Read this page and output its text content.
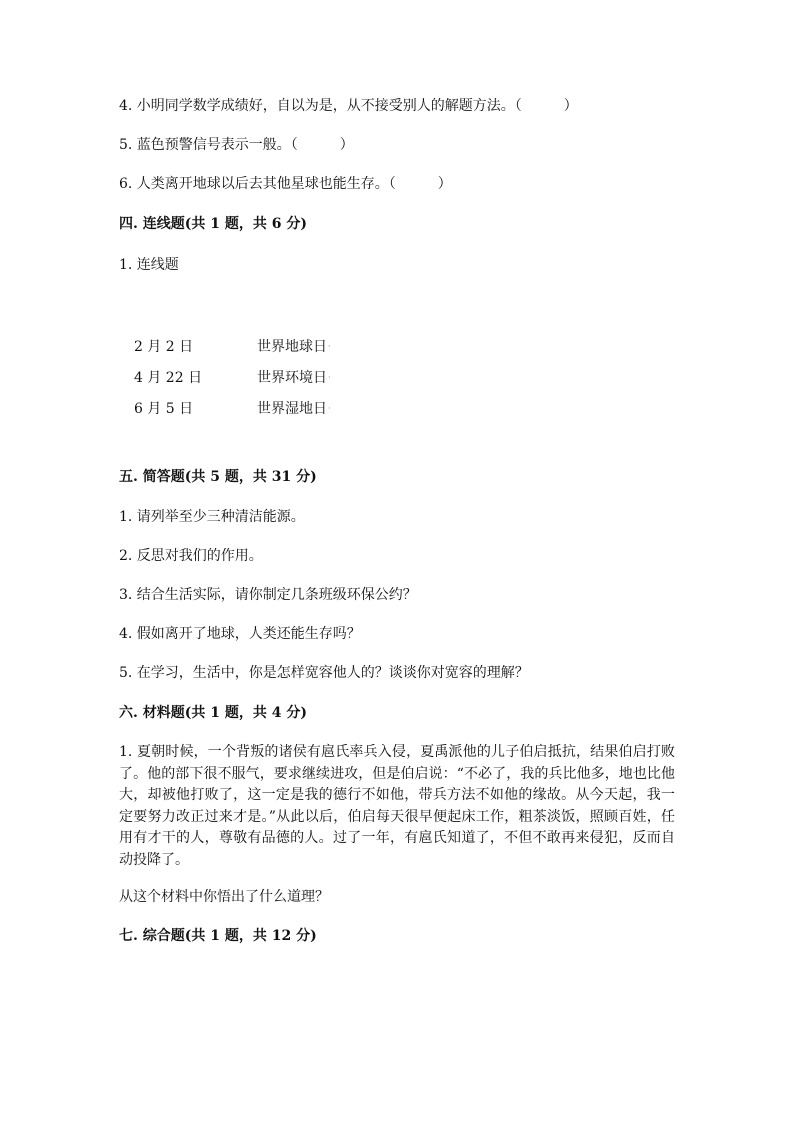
4. 小明同学数学成绩好，自以为是，从不接受别人的解题方法。（　　　）
5. 蓝色预警信号表示一般。（　　　）
6. 人类离开地球以后去其他星球也能生存。（　　　）
四. 连线题(共 1 题，共 6 分)
1. 连线题
2 月 2 日	世界地球日·
4 月 22 日	世界环境日·
6 月 5 日	世界湿地日·
五. 简答题(共 5 题，共 31 分)
1. 请列举至少三种清洁能源。
2. 反思对我们的作用。
3. 结合生活实际，请你制定几条班级环保公约？
4. 假如离开了地球，人类还能生存吗？
5. 在学习，生活中，你是怎样宽容他人的？谈谈你对宽容的理解？
六. 材料题(共 1 题，共 4 分)
1. 夏朝时候，一个背叛的诸侯有扈氏率兵入侵，夏禹派他的儿子伯启抵抗，结果伯启打败了。他的部下很不服气，要求继续进攻，但是伯启说：“不必了，我的兵比他多，地也比他大，却被他打败了，这一定是我的德行不如他，带兵方法不如他的缘故。从今天起，我一定要努力改正过来才是。”从此以后，伯启每天很早便起床工作，粗茶淡饭，照顾百姓，任用有才干的人，尊敬有品德的人。过了一年，有扈氏知道了，不但不敢再来侵犯，反而自动投降了。
从这个材料中你悟出了什么道理？
七. 综合题(共 1 题，共 12 分)
